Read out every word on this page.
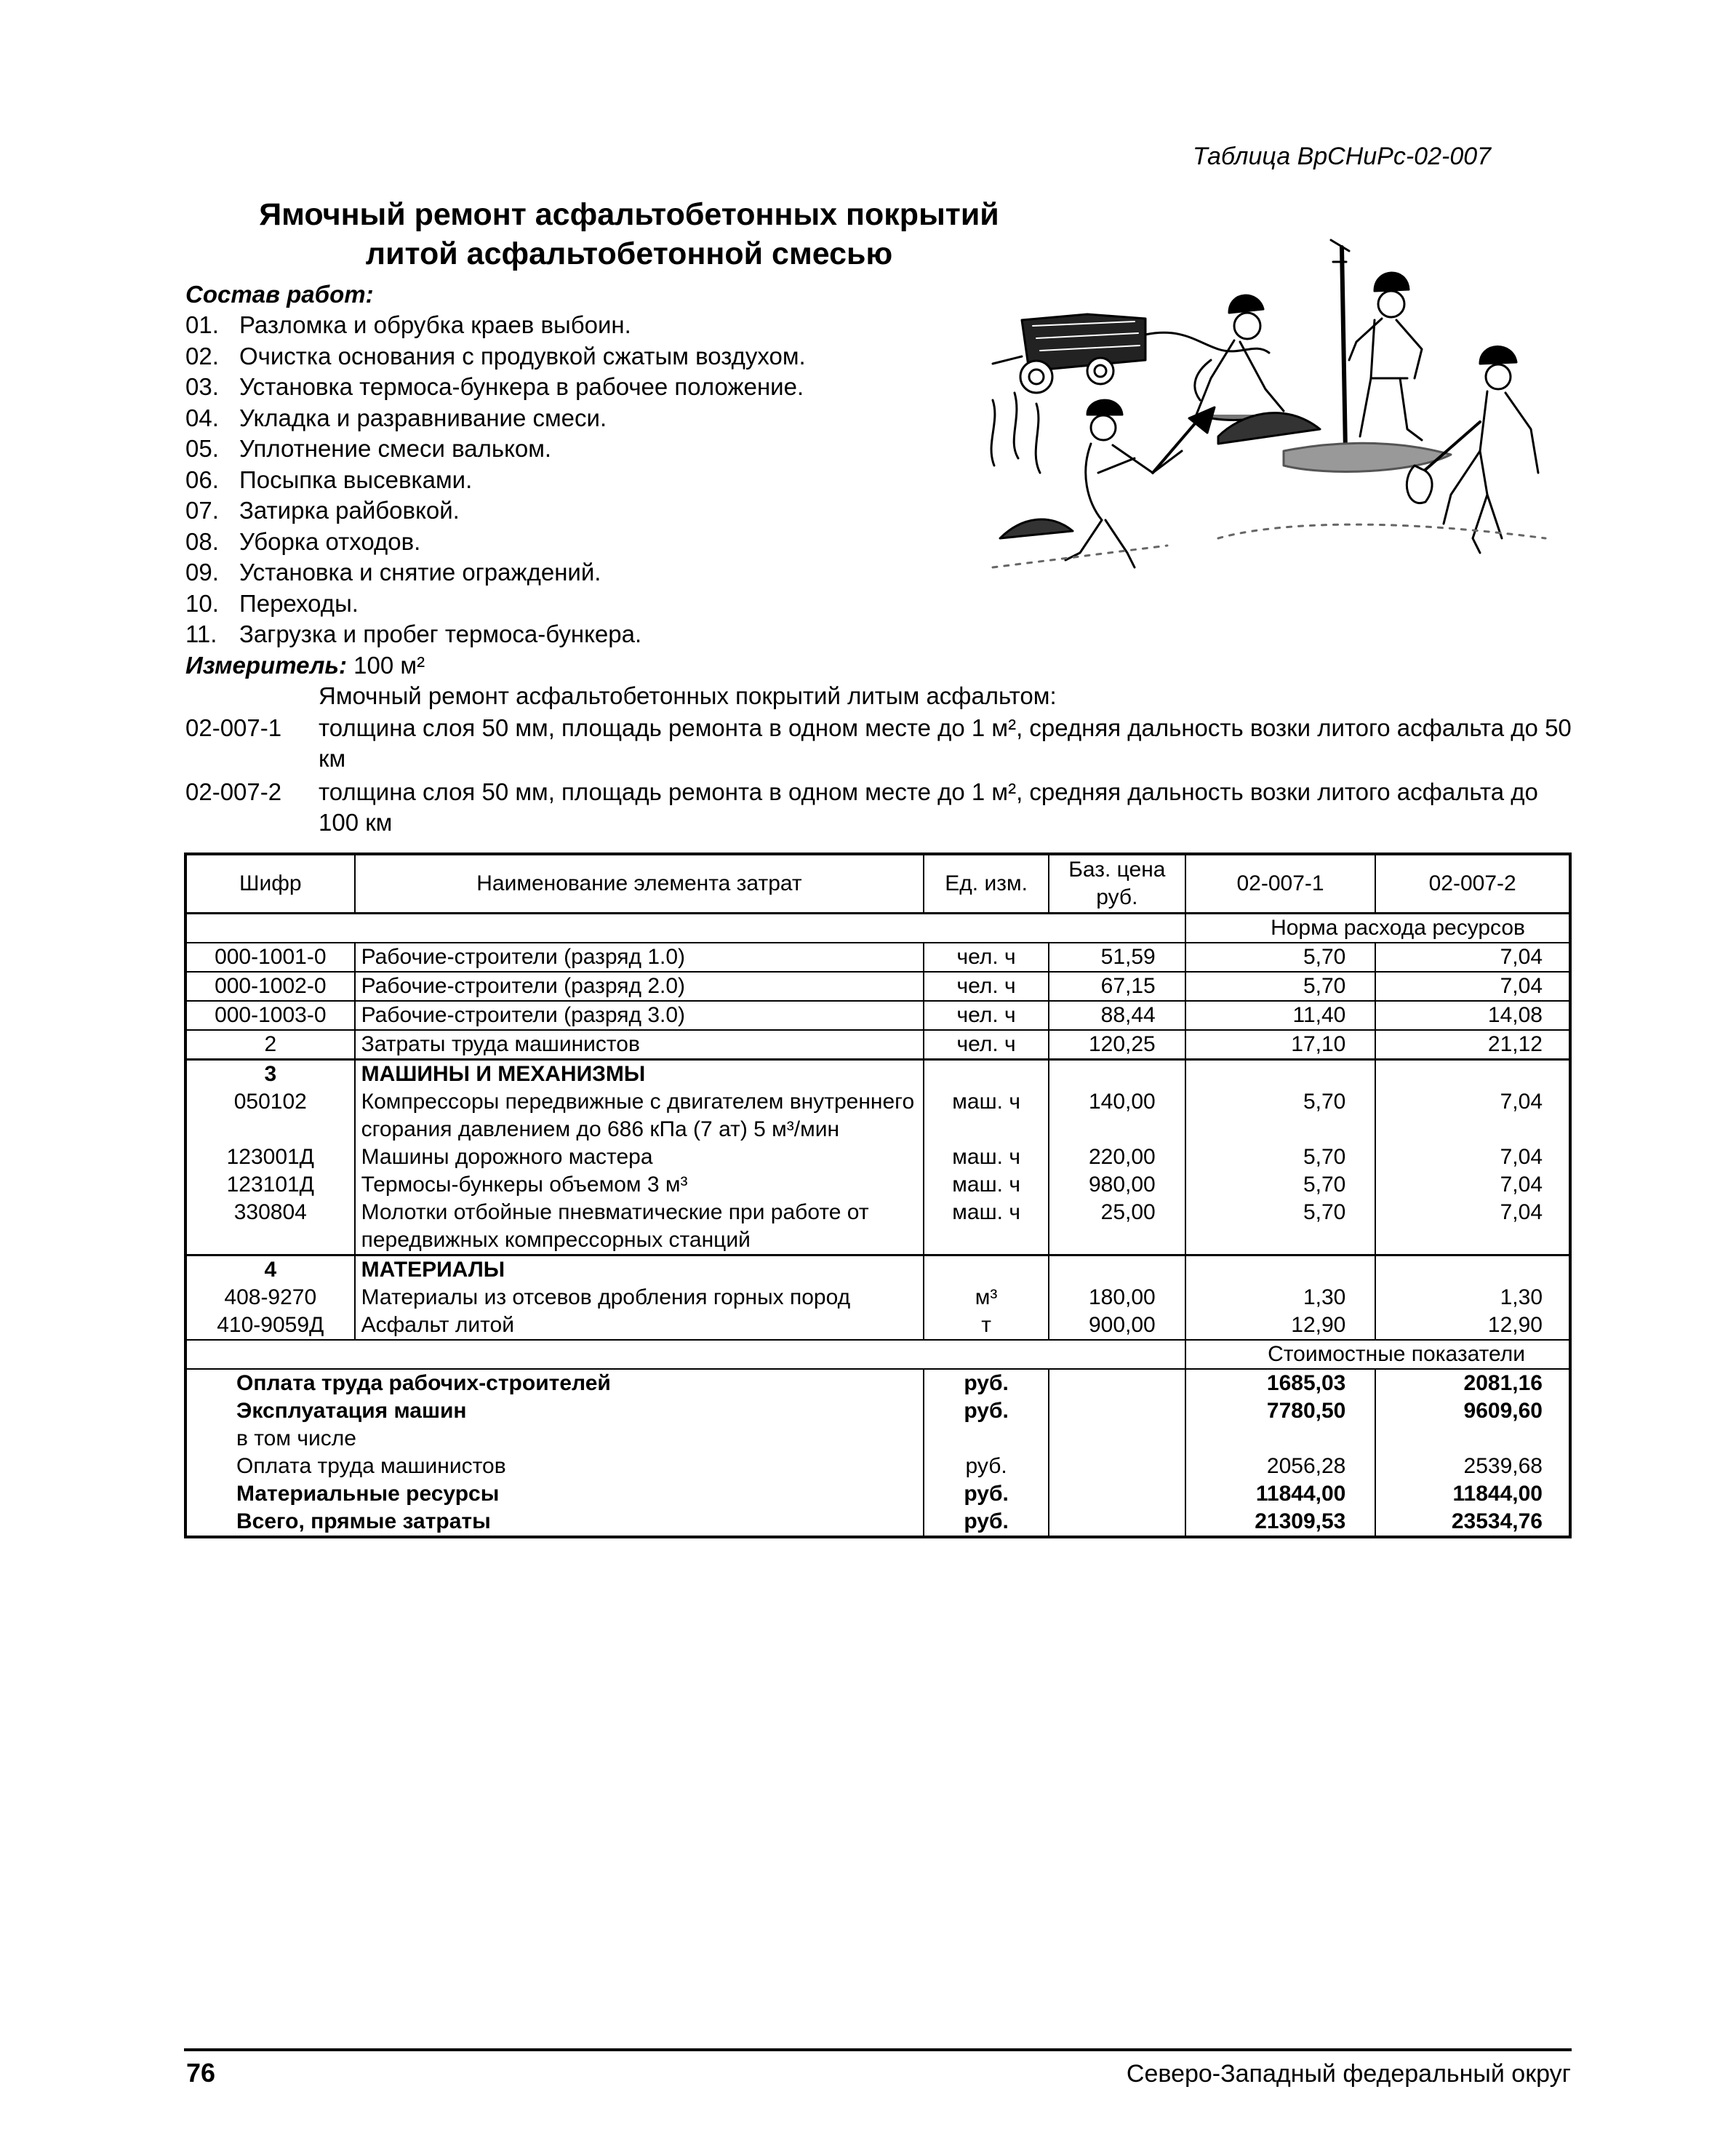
Таблица ВрСНиРс-02-007
Ямочный ремонт асфальтобетонных покрытий
литой асфальтобетонной смесью
Состав работ:
01. Разломка и обрубка краев выбоин.
02. Очистка основания с продувкой сжатым воздухом.
03. Установка термоса-бункера в рабочее положение.
04. Укладка и разравнивание смеси.
05. Уплотнение смеси вальком.
06. Посыпка высевками.
07. Затирка райбовкой.
08. Уборка отходов.
09. Установка и снятие ограждений.
10. Переходы.
11. Загрузка и пробег термоса-бункера.
Измеритель: 100 м²
Ямочный ремонт асфальтобетонных покрытий литым асфальтом:
02-007-1 толщина слоя 50 мм, площадь ремонта в одном месте до 1 м², средняя дальность возки литого асфальта до 50 км
02-007-2 толщина слоя 50 мм, площадь ремонта в одном месте до 1 м², средняя дальность возки литого асфальта до 100 км
Шифр	Наименование элемента затрат	Ед. изм.	Баз. цена руб.	02-007-1	02-007-2
				Норма расхода ресурсов	
000-1001-0	Рабочие-строители (разряд 1.0)	чел. ч	51,59	5,70	7,04
000-1002-0	Рабочие-строители (разряд 2.0)	чел. ч	67,15	5,70	7,04
000-1003-0	Рабочие-строители (разряд 3.0)	чел. ч	88,44	11,40	14,08
2	Затраты труда машинистов	чел. ч	120,25	17,10	21,12
3	МАШИНЫ И МЕХАНИЗМЫ				
050102	Компрессоры передвижные с двигателем внутреннего сгорания давлением до 686 кПа (7 ат) 5 м³/мин	маш. ч	140,00	5,70	7,04
123001Д	Машины дорожного мастера	маш. ч	220,00	5,70	7,04
123101Д	Термосы-бункеры объемом 3 м³	маш. ч	980,00	5,70	7,04
330804	Молотки отбойные пневматические при работе от передвижных компрессорных станций	маш. ч	25,00	5,70	7,04
4	МАТЕРИАЛЫ				
408-9270	Материалы из отсевов дробления горных пород	м³	180,00	1,30	1,30
410-9059Д	Асфальт литой	т	900,00	12,90	12,90
				Стоимостные показатели	
Оплата труда рабочих-строителей		руб.		1685,03	2081,16
Эксплуатация машин		руб.		7780,50	9609,60
в том числе					
Оплата труда машинистов		руб.		2056,28	2539,68
Материальные ресурсы		руб.		11844,00	11844,00
Всего, прямые затраты		руб.		21309,53	23534,76
76	Северо-Западный федеральный округ
